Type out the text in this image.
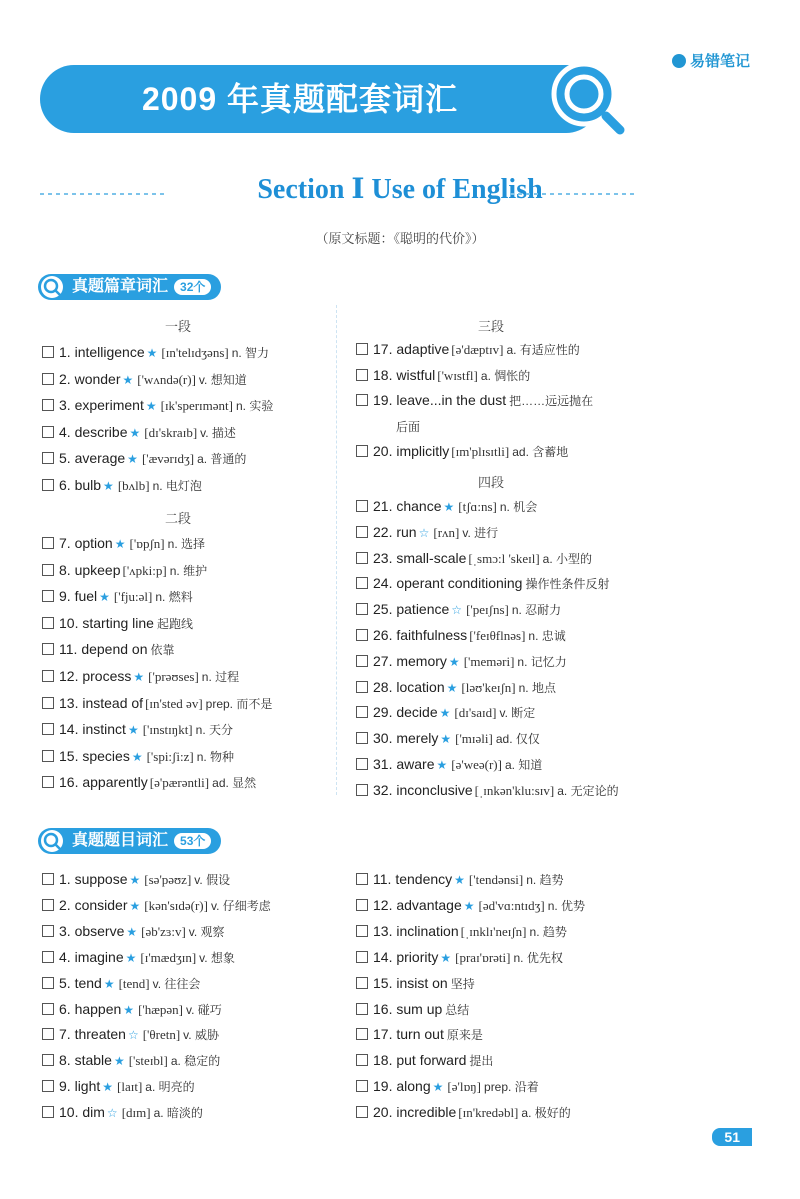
易错笔记
2009 年真题配套词汇
Section Ⅰ Use of English
（原文标题：《聪明的代价》）
真题篇章词汇 32个
一段	三段
二段
四段
1. intelligence ★ [ɪn'telɪdʒəns] n. 智力
2. wonder ★ ['wʌndə(r)] v. 想知道
3. experiment ★ [ɪk'sperɪmənt] n. 实验
4. describe ★ [dɪ'skraɪb] v. 描述
5. average ★ ['ævərɪdʒ] a. 普通的
6. bulb ★ [bʌlb] n. 电灯泡
7. option ★ ['ɒpʃn] n. 选择
8. upkeep ['ʌpki:p] n. 维护
9. fuel ★ ['fju:əl] n. 燃料
10. starting line 起跑线
11. depend on 依靠
12. process ★ ['prəʊses] n. 过程
13. instead of [ɪn'sted əv] prep. 而不是
14. instinct ★ ['ɪnstɪŋkt] n. 天分
15. species ★ ['spi:ʃi:z] n. 物种
16. apparently [ə'pærəntli] ad. 显然
17. adaptive [ə'dæptɪv] a. 有适应性的
18. wistful ['wɪstfl] a. 惆怅的
19. leave...in the dust 把……远远抛在
后面
20. implicitly [ɪm'plɪsɪtli] ad. 含蓄地
21. chance ★ [tʃɑ:ns] n. 机会
22. run ☆ [rʌn] v. 进行
23. small-scale [ˌsmɔ:l 'skeɪl] a. 小型的
24. operant conditioning 操作性条件反射
25. patience ☆ ['peɪʃns] n. 忍耐力
26. faithfulness ['feɪθflnəs] n. 忠诚
27. memory ★ ['meməri] n. 记忆力
28. location ★ [ləʊ'keɪʃn] n. 地点
29. decide ★ [dɪ'saɪd] v. 断定
30. merely ★ ['mɪəli] ad. 仅仅
31. aware ★ [ə'weə(r)] a. 知道
32. inconclusive [ˌɪnkən'klu:sɪv] a. 无定论的
真题题目词汇 53个
1. suppose ★ [sə'pəʊz] v. 假设
2. consider ★ [kən'sɪdə(r)] v. 仔细考虑
3. observe ★ [əb'zɜ:v] v. 观察
4. imagine ★ [ɪ'mædʒɪn] v. 想象
5. tend ★ [tend] v. 往往会
6. happen ★ ['hæpən] v. 碰巧
7. threaten ☆ ['θretn] v. 威胁
8. stable ★ ['steɪbl] a. 稳定的
9. light ★ [laɪt] a. 明亮的
10. dim ☆ [dɪm] a. 暗淡的
11. tendency ★ ['tendənsi] n. 趋势
12. advantage ★ [əd'vɑ:ntɪdʒ] n. 优势
13. inclination [ˌɪnklɪ'neɪʃn] n. 趋势
14. priority ★ [praɪ'ɒrəti] n. 优先权
15. insist on 坚持
16. sum up 总结
17. turn out 原来是
18. put forward 提出
19. along ★ [ə'lɒŋ] prep. 沿着
20. incredible [ɪn'kredəbl] a. 极好的
51
